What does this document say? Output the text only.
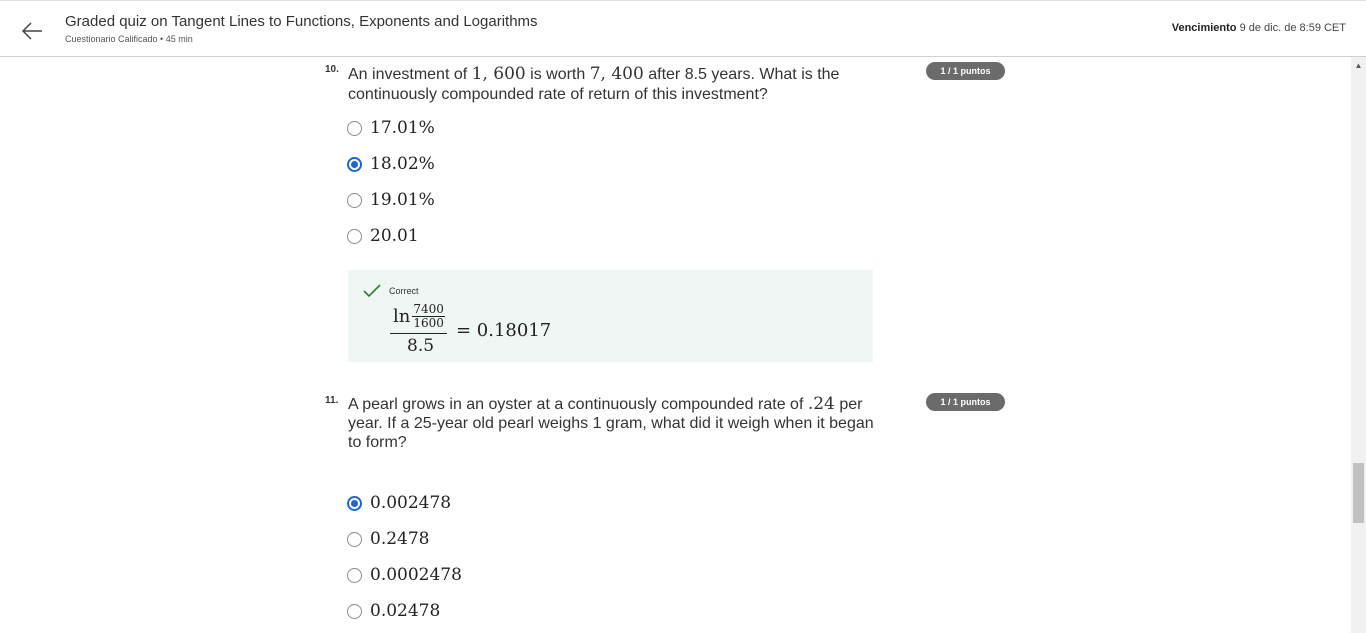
Graded quiz on Tangent Lines to Functions, Exponents and Logarithms
Cuestionario Calificado • 45 min
Vencimiento 9 de dic. de 8:59 CET
10. An investment of 1, 600 is worth 7, 400 after 8.5 years. What is the continuously compounded rate of return of this investment?
1 / 1 puntos
17.01%
18.02%
19.01%
20.01
Correct
$\ln \frac{7400}{1600}$
8.5
= 0.18017
11. A pearl grows in an oyster at a continuously compounded rate of .24 per year. If a 25-year old pearl weighs 1 gram, what did it weigh when it began to form?
1 / 1 puntos
0.002478
0.2478
0.0002478
0.02478
▲
